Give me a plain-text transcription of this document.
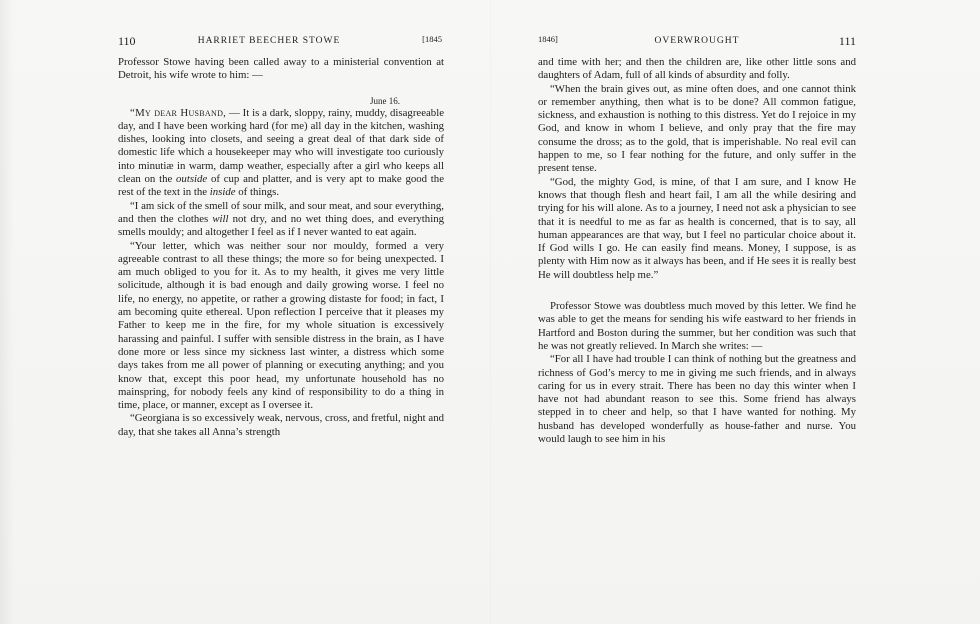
110	HARRIET BEECHER STOWE	[1845

Professor Stowe having been called away to a ministerial convention at Detroit, his wife wrote to him: —

June 16.

“My dear Husband, — It is a dark, sloppy, rainy, muddy, disagreeable day, and I have been working hard (for me) all day in the kitchen, washing dishes, looking into closets, and seeing a great deal of that dark side of domestic life which a housekeeper may who will investigate too curiously into minutiæ in warm, damp weather, especially after a girl who keeps all clean on the outside of cup and platter, and is very apt to make good the rest of the text in the inside of things.

“I am sick of the smell of sour milk, and sour meat, and sour everything, and then the clothes will not dry, and no wet thing does, and everything smells mouldy; and altogether I feel as if I never wanted to eat again.

“Your letter, which was neither sour nor mouldy, formed a very agreeable contrast to all these things; the more so for being unexpected. I am much obliged to you for it. As to my health, it gives me very little solicitude, although it is bad enough and daily growing worse. I feel no life, no energy, no appetite, or rather a growing distaste for food; in fact, I am becoming quite ethereal. Upon reflection I perceive that it pleases my Father to keep me in the fire, for my whole situation is excessively harassing and painful. I suffer with sensible distress in the brain, as I have done more or less since my sickness last winter, a distress which some days takes from me all power of planning or executing anything; and you know that, except this poor head, my unfortunate household has no mainspring, for nobody feels any kind of responsibility to do a thing in time, place, or manner, except as I oversee it.

“Georgiana is so excessively weak, nervous, cross, and fretful, night and day, that she takes all Anna’s strength

1846]	OVERWROUGHT	111

and time with her; and then the children are, like other little sons and daughters of Adam, full of all kinds of absurdity and folly.

“When the brain gives out, as mine often does, and one cannot think or remember anything, then what is to be done? All common fatigue, sickness, and exhaustion is nothing to this distress. Yet do I rejoice in my God, and know in whom I believe, and only pray that the fire may consume the dross; as to the gold, that is imperishable. No real evil can happen to me, so I fear nothing for the future, and only suffer in the present tense.

“God, the mighty God, is mine, of that I am sure, and I know He knows that though flesh and heart fail, I am all the while desiring and trying for his will alone. As to a journey, I need not ask a physician to see that it is needful to me as far as health is concerned, that is to say, all human appearances are that way, but I feel no particular choice about it. If God wills I go. He can easily find means. Money, I suppose, is as plenty with Him now as it always has been, and if He sees it is really best He will doubtless help me.”

Professor Stowe was doubtless much moved by this letter. We find he was able to get the means for sending his wife eastward to her friends in Hartford and Boston during the summer, but her condition was such that he was not greatly relieved. In March she writes: —

“For all I have had trouble I can think of nothing but the greatness and richness of God’s mercy to me in giving me such friends, and in always caring for us in every strait. There has been no day this winter when I have not had abundant reason to see this. Some friend has always stepped in to cheer and help, so that I have wanted for nothing. My husband has developed wonderfully as house-father and nurse. You would laugh to see him in his
